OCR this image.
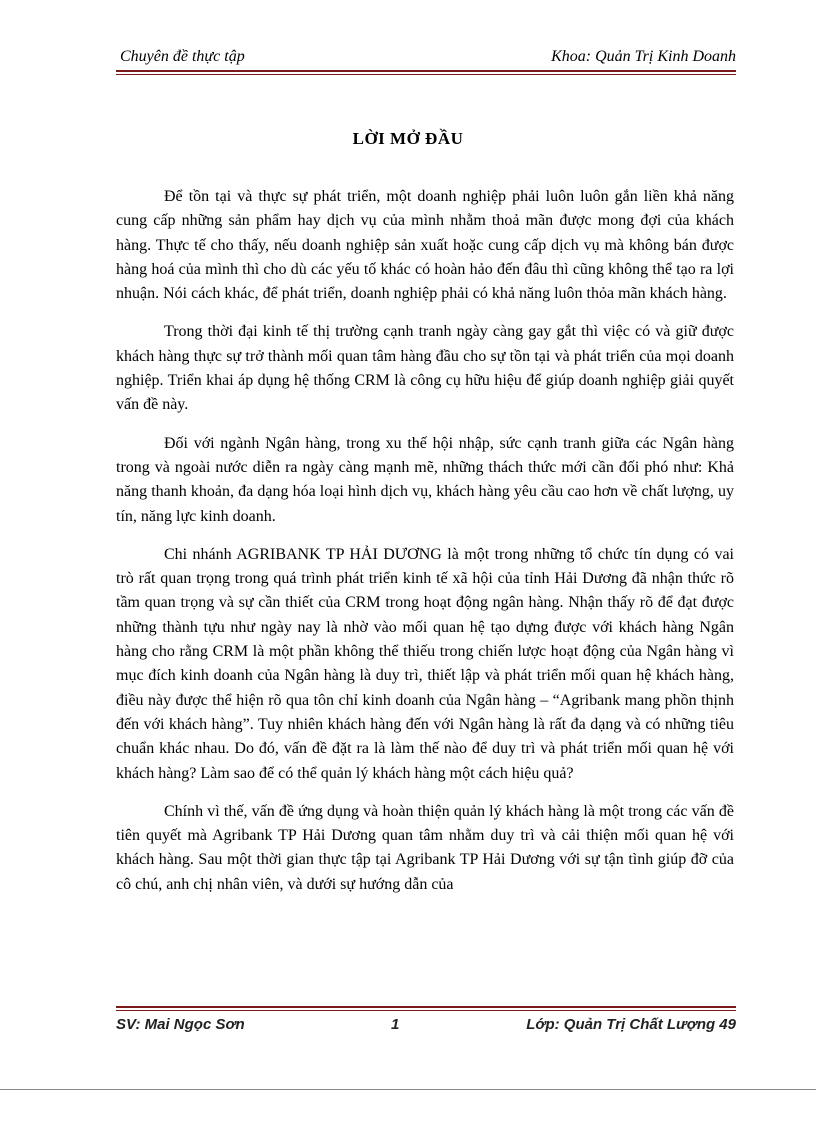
Chuyên đề thực tập	Khoa: Quản Trị Kinh Doanh
LỜI MỞ ĐẦU

Để tồn tại và thực sự phát triển, một doanh nghiệp phải luôn luôn gắn liền khả năng cung cấp những sản phẩm hay dịch vụ của mình nhằm thoả mãn được mong đợi của khách hàng. Thực tế cho thấy, nếu doanh nghiệp sản xuất hoặc cung cấp dịch vụ mà không bán được hàng hoá của mình thì cho dù các yếu tố khác có hoàn hảo đến đâu thì cũng không thể tạo ra lợi nhuận. Nói cách khác, để phát triển, doanh nghiệp phải có khả năng luôn thỏa mãn khách hàng.

Trong thời đại kinh tế thị trường cạnh tranh ngày càng gay gắt thì việc có và giữ được khách hàng thực sự trở thành mối quan tâm hàng đầu cho sự tồn tại và phát triển của mọi doanh nghiệp. Triển khai áp dụng hệ thống CRM là công cụ hữu hiệu để giúp doanh nghiệp giải quyết vấn đề này.

Đối với ngành Ngân hàng, trong xu thế hội nhập, sức cạnh tranh giữa các Ngân hàng trong và ngoài nước diễn ra ngày càng mạnh mẽ, những thách thức mới cần đối phó như: Khả năng thanh khoản, đa dạng hóa loại hình dịch vụ, khách hàng yêu cầu cao hơn về chất lượng, uy tín, năng lực kinh doanh.

Chi nhánh AGRIBANK TP HẢI DƯƠNG là một trong những tổ chức tín dụng có vai trò rất quan trọng trong quá trình phát triển kinh tế xã hội của tỉnh Hải Dương đã nhận thức rõ tầm quan trọng và sự cần thiết của CRM trong hoạt động ngân hàng. Nhận thấy rõ để đạt được những thành tựu như ngày nay là nhờ vào mối quan hệ tạo dựng được với khách hàng Ngân hàng cho rằng CRM là một phần không thể thiếu trong chiến lược hoạt động của Ngân hàng vì mục đích kinh doanh của Ngân hàng là duy trì, thiết lập và phát triển mối quan hệ khách hàng, điều này được thể hiện rõ qua tôn chỉ kinh doanh của Ngân hàng – “Agribank mang phồn thịnh đến với khách hàng”. Tuy nhiên khách hàng đến với Ngân hàng là rất đa dạng và có những tiêu chuẩn khác nhau. Do đó, vấn đề đặt ra là làm thế nào để duy trì và phát triển mối quan hệ với khách hàng? Làm sao để có thể quản lý khách hàng một cách hiệu quả?

Chính vì thế, vấn đề ứng dụng và hoàn thiện quản lý khách hàng là một trong các vấn đề tiên quyết mà Agribank TP Hải Dương quan tâm nhằm duy trì và cải thiện mối quan hệ với khách hàng. Sau một thời gian thực tập tại Agribank TP Hải Dương với sự tận tình giúp đỡ của cô chú, anh chị nhân viên, và dưới sự hướng dẫn của

SV: Mai Ngọc Sơn	1	Lớp: Quản Trị Chất Lượng 49
